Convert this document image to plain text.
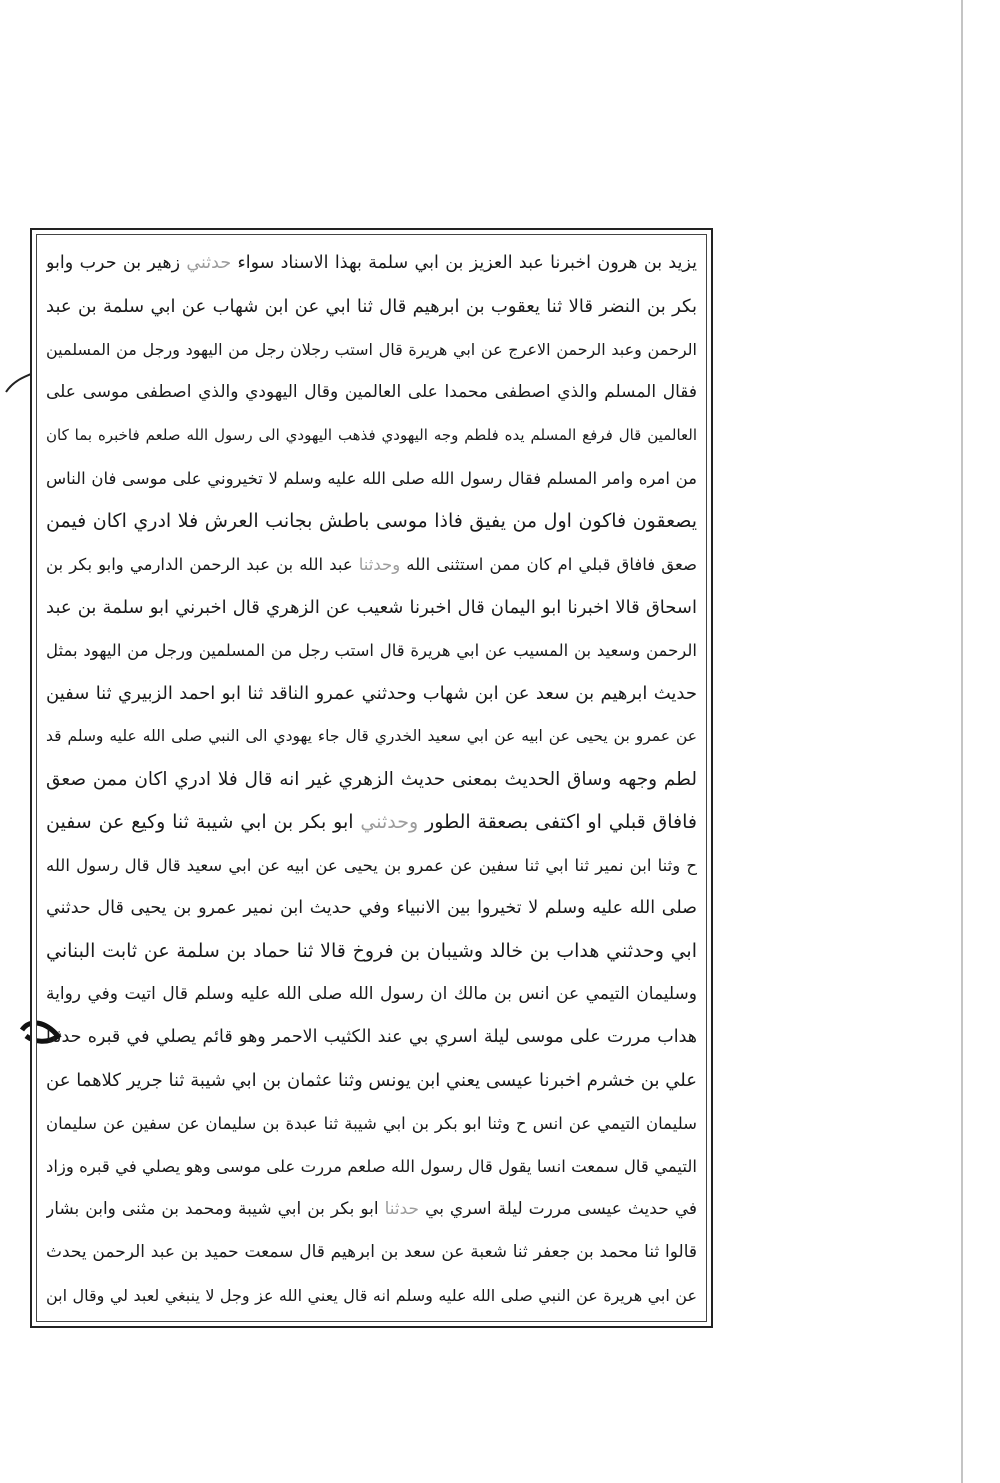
يزيد بن هرون اخبرنا عبد العزيز بن ابي سلمة بهذا الاسناد سواء حدثني زهير بن حرب وابو
بكر بن النضر قالا ثنا يعقوب بن ابرهيم قال ثنا ابي عن ابن شهاب عن ابي سلمة بن عبد
الرحمن وعبد الرحمن الاعرج عن ابي هريرة قال استب رجلان رجل من اليهود ورجل من المسلمين
فقال المسلم والذي اصطفى محمدا على العالمين وقال اليهودي والذي اصطفى موسى على
العالمين قال فرفع المسلم يده فلطم وجه اليهودي فذهب اليهودي الى رسول الله صلعم فاخبره بما كان
من امره وامر المسلم فقال رسول الله صلى الله عليه وسلم لا تخيروني على موسى فان الناس
يصعقون فاكون اول من يفيق فاذا موسى باطش بجانب العرش فلا ادري اكان فيمن
صعق فافاق قبلي ام كان ممن استثنى الله وحدثنا عبد الله بن عبد الرحمن الدارمي وابو بكر بن
اسحاق قالا اخبرنا ابو اليمان قال اخبرنا شعيب عن الزهري قال اخبرني ابو سلمة بن عبد
الرحمن وسعيد بن المسيب عن ابي هريرة قال استب رجل من المسلمين ورجل من اليهود بمثل
حديث ابرهيم بن سعد عن ابن شهاب وحدثني عمرو الناقد ثنا ابو احمد الزبيري ثنا سفين
عن عمرو بن يحيى عن ابيه عن ابي سعيد الخدري قال جاء يهودي الى النبي صلى الله عليه وسلم قد
لطم وجهه وساق الحديث بمعنى حديث الزهري غير انه قال فلا ادري اكان ممن صعق
فافاق قبلي او اكتفى بصعقة الطور وحدثني ابو بكر بن ابي شيبة ثنا وكيع عن سفين
ح وثنا ابن نمير ثنا ابي ثنا سفين عن عمرو بن يحيى عن ابيه عن ابي سعيد قال قال رسول الله
صلى الله عليه وسلم لا تخيروا بين الانبياء وفي حديث ابن نمير عمرو بن يحيى قال حدثني
ابي وحدثني هداب بن خالد وشيبان بن فروخ قالا ثنا حماد بن سلمة عن ثابت البناني
وسليمان التيمي عن انس بن مالك ان رسول الله صلى الله عليه وسلم قال اتيت وفي رواية
هداب مررت على موسى ليلة اسري بي عند الكثيب الاحمر وهو قائم يصلي في قبره حدثنا
علي بن خشرم اخبرنا عيسى يعني ابن يونس وثنا عثمان بن ابي شيبة ثنا جرير كلاهما عن
سليمان التيمي عن انس ح وثنا ابو بكر بن ابي شيبة ثنا عبدة بن سليمان عن سفين عن سليمان
التيمي قال سمعت انسا يقول قال رسول الله صلعم مررت على موسى وهو يصلي في قبره وزاد
في حديث عيسى مررت ليلة اسري بي حدثنا ابو بكر بن ابي شيبة ومحمد بن مثنى وابن بشار
قالوا ثنا محمد بن جعفر ثنا شعبة عن سعد بن ابرهيم قال سمعت حميد بن عبد الرحمن يحدث
عن ابي هريرة عن النبي صلى الله عليه وسلم انه قال يعني الله عز وجل لا ينبغي لعبد لي وقال ابن
